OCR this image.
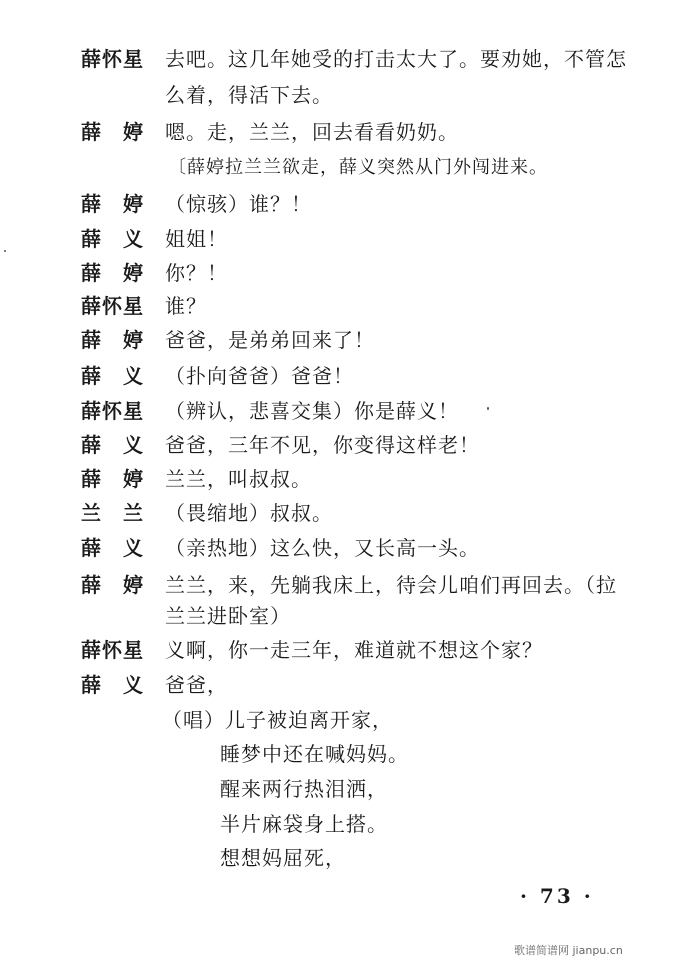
薛怀星	去吧。这几年她受的打击太大了。要劝她，不管怎
么着，得活下去。
薛　婷	嗯。走，兰兰，回去看看奶奶。
〔薛婷拉兰兰欲走，薛义突然从门外闯进来。
薛　婷	（惊骇）谁？！
薛　义	姐姐！
薛　婷	你？！
薛怀星	谁？
薛　婷	爸爸，是弟弟回来了！
薛　义	（扑向爸爸）爸爸！
薛怀星	（辨认，悲喜交集）你是薛义！
薛　义	爸爸，三年不见，你变得这样老！
薛　婷	兰兰，叫叔叔。
兰　兰	（畏缩地）叔叔。
薛　义	（亲热地）这么快，又长高一头。
薛　婷	兰兰，来，先躺我床上，待会儿咱们再回去。（拉
兰兰进卧室）
薛怀星	义啊，你一走三年，难道就不想这个家？
薛　义	爸爸，
（唱）儿子被迫离开家，
睡梦中还在喊妈妈。
醒来两行热泪洒，
半片麻袋身上搭。
想想妈屈死，
· 73 ·
歌谱简谱网 jianpu.cn
